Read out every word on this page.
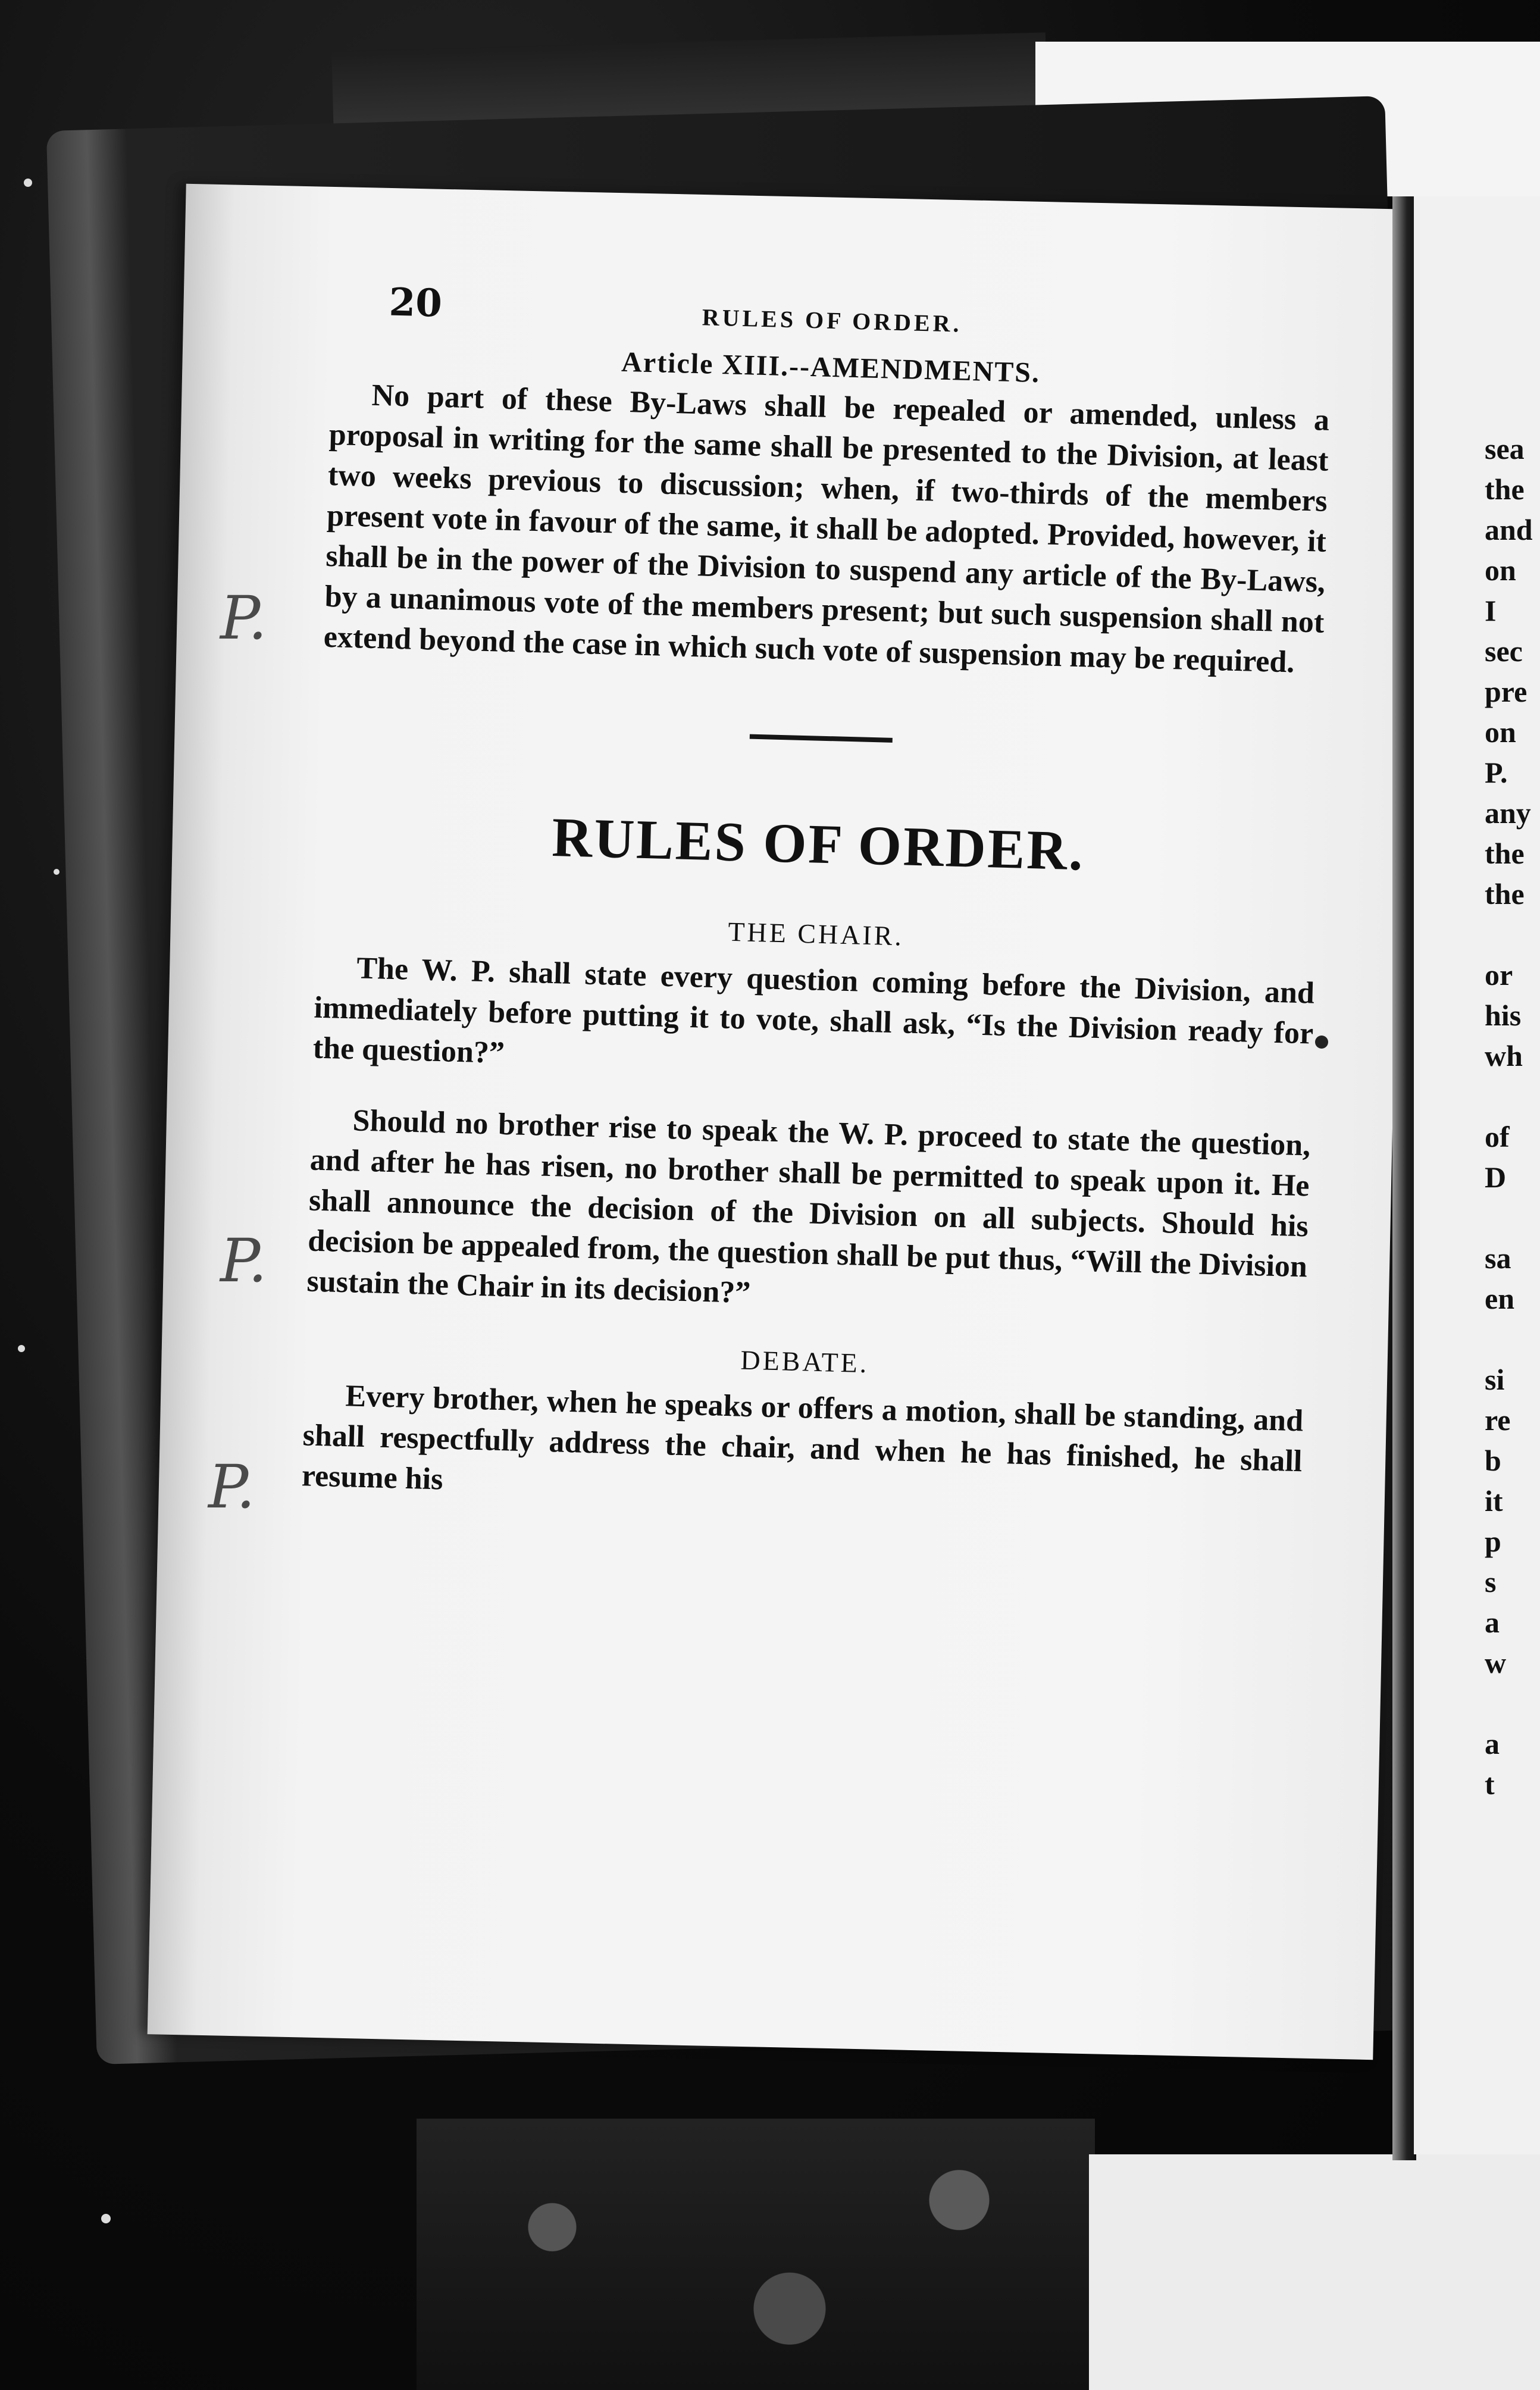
sea
the
and
on
I
sec
pre
on
P.
any
the
the

or
his
wh

of
D

sa
en

si
re
b
it
p
s
a
w

a
t
P.
P.
P.
20	RULES OF ORDER.
Article XIII.--AMENDMENTS.

No part of these By-Laws shall be repealed or amended, unless a proposal in writing for the same shall be presented to the Division, at least two weeks previous to discussion; when, if two-thirds of the members present vote in favour of the same, it shall be adopted. Provided, however, it shall be in the power of the Division to suspend any article of the By-Laws, by a unanimous vote of the members present; but such suspension shall not extend beyond the case in which such vote of suspension may be required.

RULES OF ORDER.
THE CHAIR.

The W. P. shall state every question coming before the Division, and immediately before putting it to vote, shall ask, “Is the Division ready for the question?”

Should no brother rise to speak the W. P. proceed to state the question, and after he has risen, no brother shall be permitted to speak upon it. He shall announce the decision of the Division on all subjects. Should his decision be appealed from, the question shall be put thus, “Will the Division sustain the Chair in its decision?”

DEBATE.

Every brother, when he speaks or offers a motion, shall be standing, and shall respectfully address the chair, and when he has finished, he shall resume his
